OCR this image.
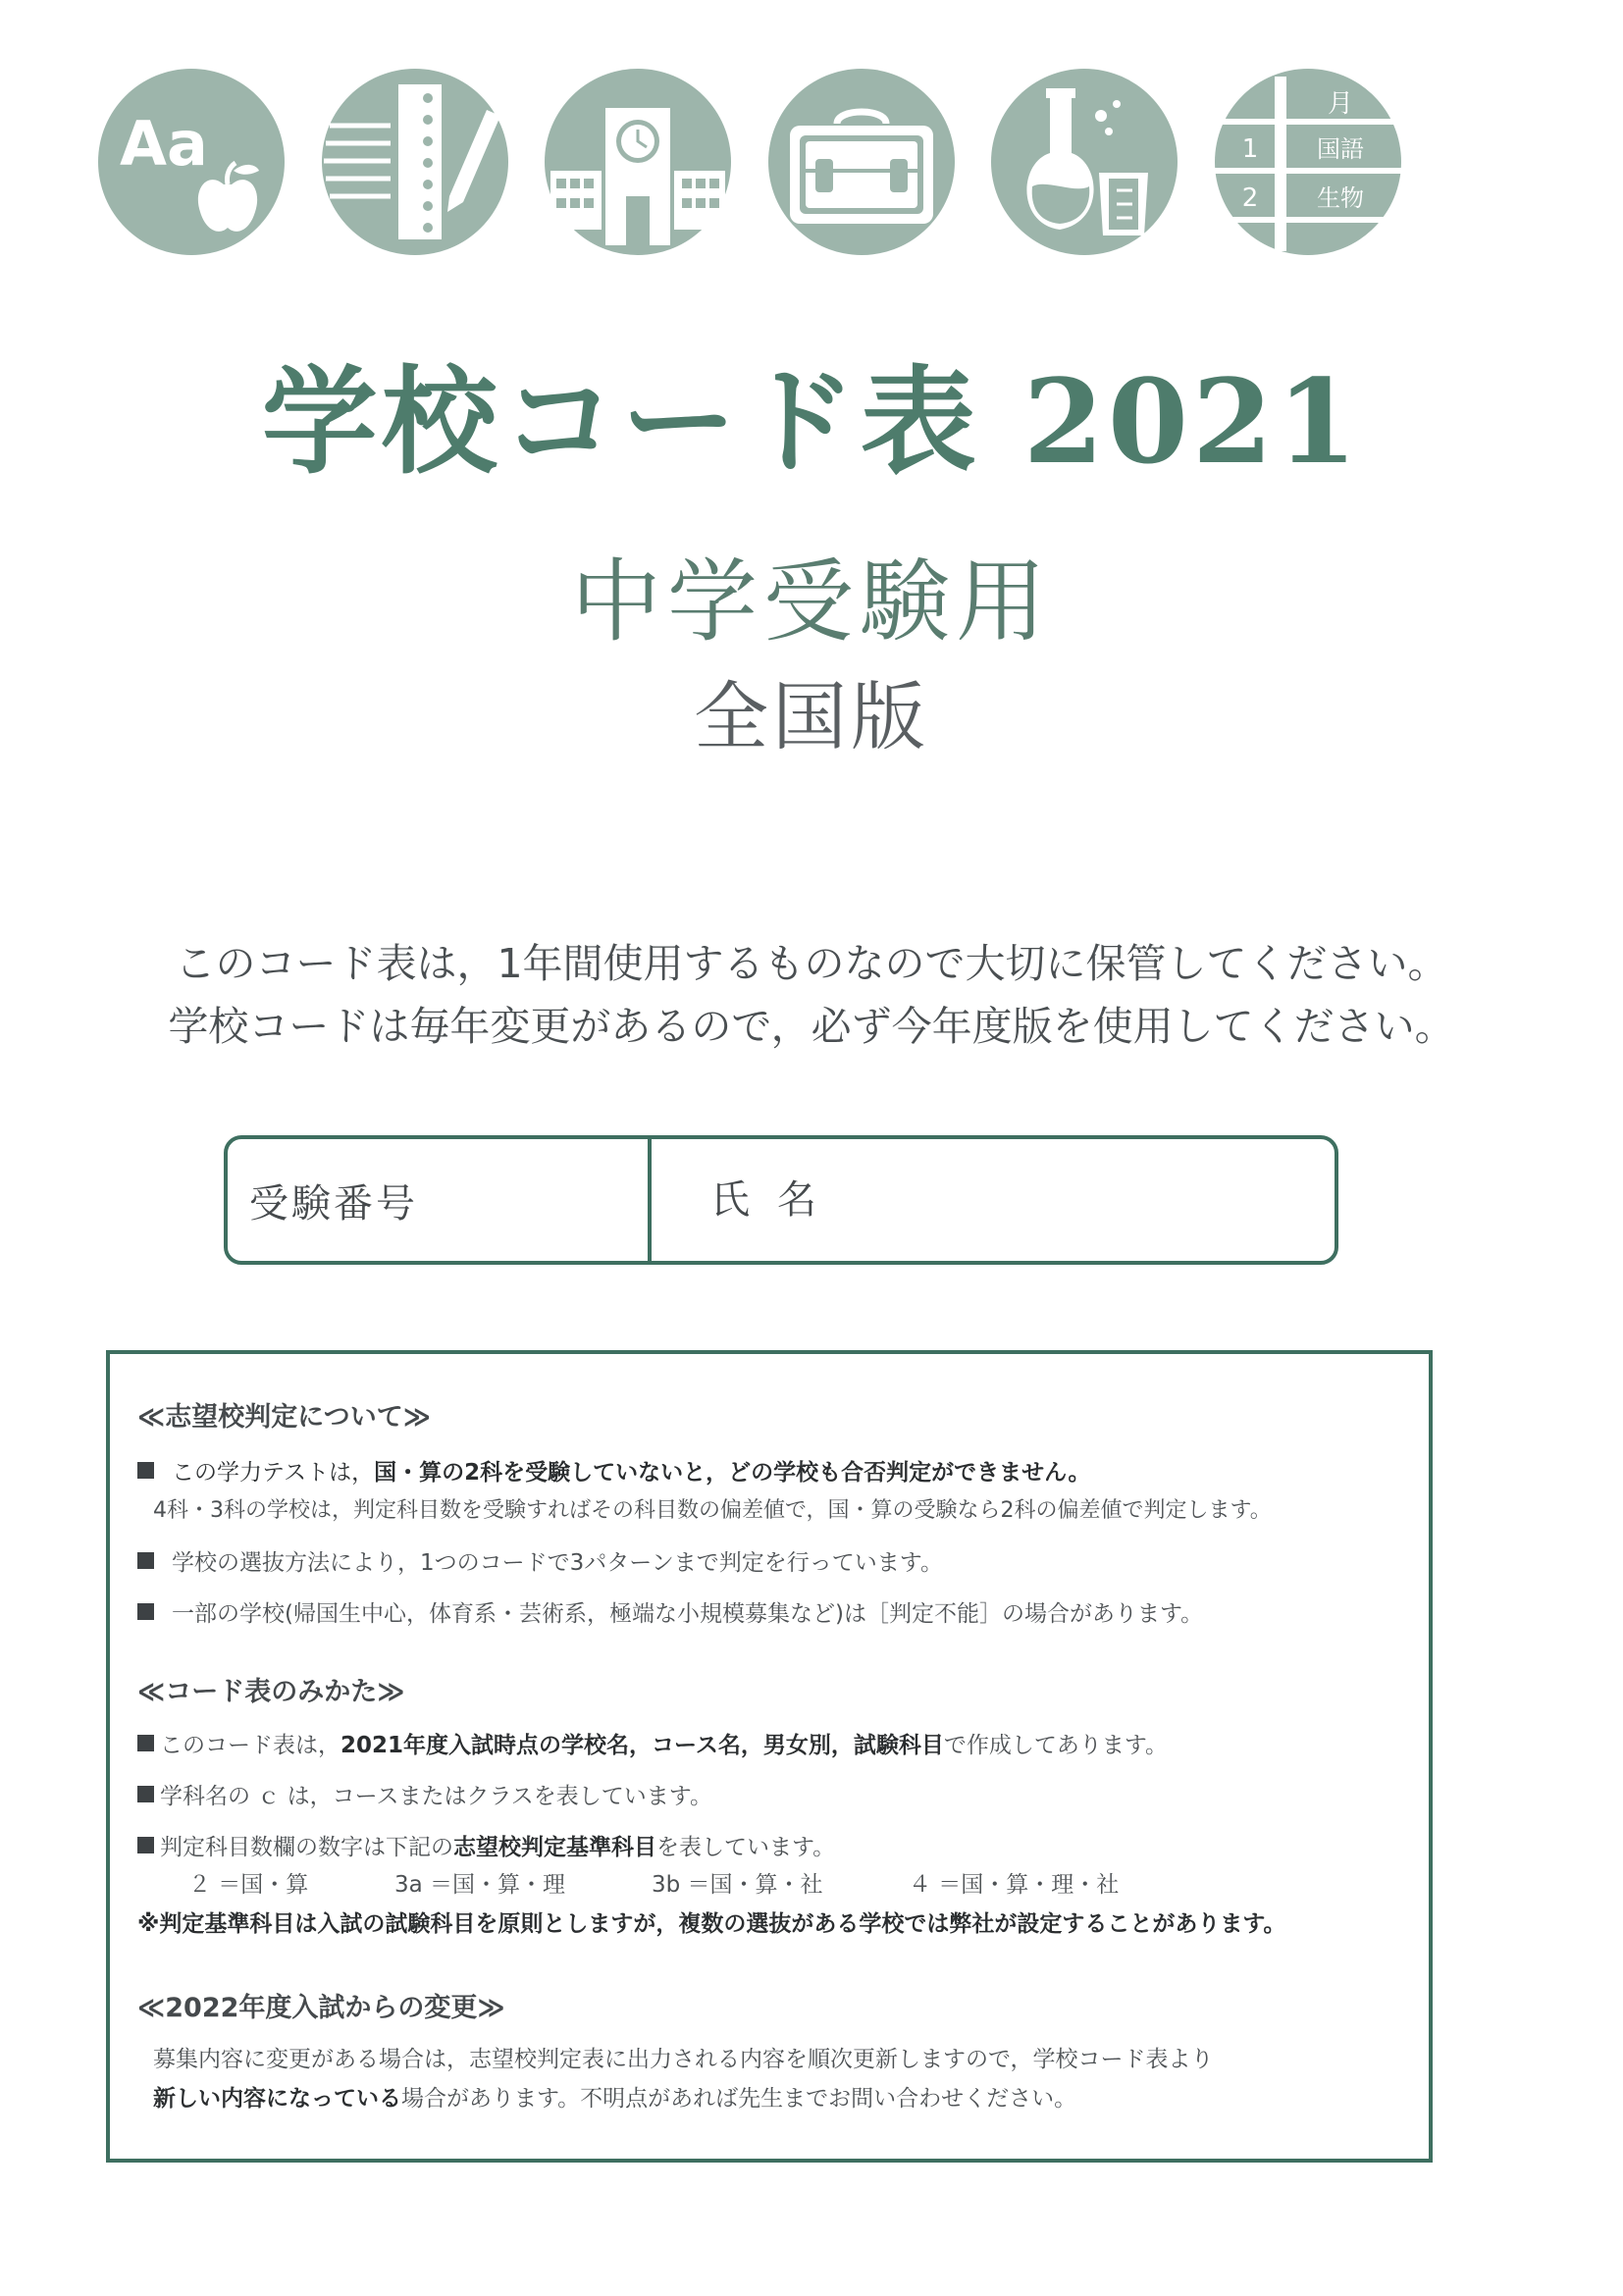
Aa
月
1 国語
2 生物
学校コード表 2021
中学受験用
全国版
このコード表は，1年間使用するものなので大切に保管してください。
学校コードは毎年変更があるので，必ず今年度版を使用してください。
受験番号	氏名
≪志望校判定について≫
この学力テストは，国・算の2科を受験していないと，どの学校も合否判定ができません。
4科・3科の学校は，判定科目数を受験すればその科目数の偏差値で，国・算の受験なら2科の偏差値で判定します。
学校の選抜方法により，1つのコードで3パターンまで判定を行っています。
一部の学校(帰国生中心，体育系・芸術系，極端な小規模募集など)は［判定不能］の場合があります。
≪コード表のみかた≫
このコード表は，2021年度入試時点の学校名，コース名，男女別，試験科目で作成してあります。
学科名の ｃ は，コースまたはクラスを表しています。
判定科目数欄の数字は下記の志望校判定基準科目を表しています。
２ ＝国・算	3a ＝国・算・理	3b ＝国・算・社	４ ＝国・算・理・社
※判定基準科目は入試の試験科目を原則としますが，複数の選抜がある学校では弊社が設定することがあります。
≪2022年度入試からの変更≫
募集内容に変更がある場合は，志望校判定表に出力される内容を順次更新しますので，学校コード表より
新しい内容になっている場合があります。不明点があれば先生までお問い合わせください。
